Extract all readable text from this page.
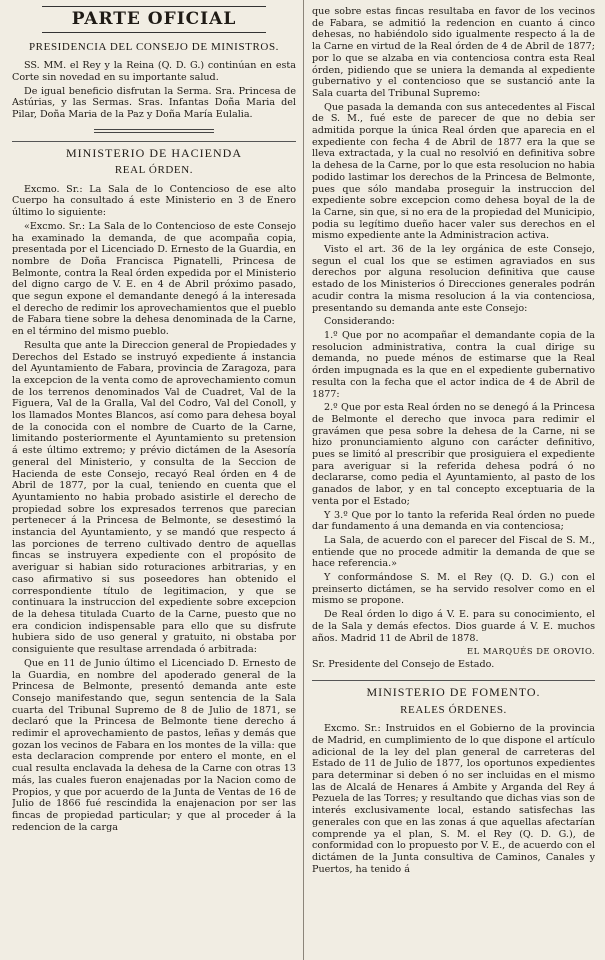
PARTE OFICIAL
PRESIDENCIA DEL CONSEJO DE MINISTROS.

SS. MM. el Rey y la Reina (Q. D. G.) continúan en esta Corte sin novedad en su importante salud.

De igual beneficio disfrutan la Serma. Sra. Princesa de Astúrias, y las Sermas. Sras. Infantas Doña Maria del Pilar, Doña Maria de la Paz y Doña María Eulalia.

MINISTERIO DE HACIENDA
REAL ÓRDEN.

Excmo. Sr.: La Sala de lo Contencioso de ese alto Cuerpo ha consultado á este Ministerio en 3 de Enero último lo siguiente:

«Excmo. Sr.: La Sala de lo Contencioso de este Consejo ha examinado la demanda, de que acompaña copia, presentada por el Licenciado D. Ernesto de la Guardia, en nombre de Doña Francisca Pignatelli, Princesa de Belmonte, contra la Real órden expedida por el Ministerio del digno cargo de V. E. en 4 de Abril próximo pasado, que segun expone el demandante denegó á la interesada el derecho de redimir los aprovechamientos que el pueblo de Fabara tiene sobre la dehesa denominada de la Carne, en el término del mismo pueblo.

Resulta que ante la Direccion general de Propiedades y Derechos del Estado se instruyó expediente á instancia del Ayuntamiento de Fabara, provincia de Zaragoza, para la excepcion de la venta como de aprovechamiento comun de los terrenos denominados Val de Cuadret, Val de la Figuera, Val de la Gralla, Val del Codro, Val del Conoll, y los llamados Montes Blancos, así como para dehesa boyal de la conocida con el nombre de Cuarto de la Carne, limitando posteriormente el Ayuntamiento su pretension á este último extremo; y prévio dictámen de la Asesoría general del Ministerio, y consulta de la Seccion de Hacienda de este Consejo, recayó Real órden en 4 de Abril de 1877, por la cual, teniendo en cuenta que el Ayuntamiento no habia probado asistirle el derecho de propiedad sobre los expresados terrenos que parecian pertenecer á la Princesa de Belmonte, se desestimó la instancia del Ayuntamiento, y se mandó que respecto á las porciones de terreno cultivado dentro de aquellas fincas se instruyera expediente con el propósito de averiguar si habian sido roturaciones arbitrarias, y en caso afirmativo si sus poseedores han obtenido el correspondiente título de legitimacion, y que se continuara la instruccion del expediente sobre excepcion de la dehesa titulada Cuarto de la Carne, puesto que no era condicion indispensable para ello que su disfrute hubiera sido de uso general y gratuito, ni obstaba por consiguiente que resultase arrendada ó arbitrada:

Que en 11 de Junio último el Licenciado D. Ernesto de la Guardia, en nombre del apoderado general de la Princesa de Belmonte, presentó demanda ante este Consejo manifestando que, segun sentencia de la Sala cuarta del Tribunal Supremo de 8 de Julio de 1871, se declaró que la Princesa de Belmonte tiene derecho á redimir el aprovechamiento de pastos, leñas y demás que gozan los vecinos de Fabara en los montes de la villa: que esta declaracion comprende por entero el monte, en el cual resulta enclavada la dehesa de la Carne con otras 13 más, las cuales fueron enajenadas por la Nacion como de Propios, y que por acuerdo de la Junta de Ventas de 16 de Julio de 1866 fué rescindida la enajenacion por ser las fincas de propiedad particular; y que al proceder á la redencion de la carga

que sobre estas fincas resultaba en favor de los vecinos de Fabara, se admitió la redencion en cuanto á cinco dehesas, no habiéndolo sido igualmente respecto á la de la Carne en virtud de la Real órden de 4 de Abril de 1877; por lo que se alzaba en via contenciosa contra esta Real órden, pidiendo que se uniera la demanda al expediente gubernativo y el contencioso que se sustanció ante la Sala cuarta del Tribunal Supremo:

Que pasada la demanda con sus antecedentes al Fiscal de S. M., fué este de parecer de que no debia ser admitida porque la única Real órden que aparecia en el expediente con fecha 4 de Abril de 1877 era la que se lleva extractada, y la cual no resolvió en definitiva sobre la dehesa de la Carne, por lo que esta resolucion no habia podido lastimar los derechos de la Princesa de Belmonte, pues que sólo mandaba proseguir la instruccion del expediente sobre excepcion como dehesa boyal de la de la Carne, sin que, si no era de la propiedad del Municipio, podia su legítimo dueño hacer valer sus derechos en el mismo expediente ante la Administracion activa.

Visto el art. 36 de la ley orgánica de este Consejo, segun el cual los que se estimen agraviados en sus derechos por alguna resolucion definitiva que cause estado de los Ministerios ó Direcciones generales podrán acudir contra la misma resolucion á la via contenciosa, presentando su demanda ante este Consejo:

Considerando:

1.º Que por no acompañar el demandante copia de la resolucion administrativa, contra la cual dirige su demanda, no puede ménos de estimarse que la Real órden impugnada es la que en el expediente gubernativo resulta con la fecha que el actor indica de 4 de Abril de 1877:

2.º Que por esta Real órden no se denegó á la Princesa de Belmonte el derecho que invoca para redimir el gravámen que pesa sobre la dehesa de la Carne, ni se hizo pronunciamiento alguno con carácter definitivo, pues se limitó al prescribir que prosiguiera el expediente para averiguar si la referida dehesa podrá ó no declararse, como pedia el Ayuntamiento, al pasto de los ganados de labor, y en tal concepto exceptuaria de la venta por el Estado;

Y 3.º Que por lo tanto la referida Real órden no puede dar fundamento á una demanda en via contenciosa;

La Sala, de acuerdo con el parecer del Fiscal de S. M., entiende que no procede admitir la demanda de que se hace referencia.»

Y conformándose S. M. el Rey (Q. D. G.) con el preinserto dictámen, se ha servido resolver como en el mismo se propone.

De Real órden lo digo á V. E. para su conocimiento, el de la Sala y demás efectos. Dios guarde á V. E. muchos años. Madrid 11 de Abril de 1878.

EL MARQUÉS DE OROVIO.

Sr. Presidente del Consejo de Estado.

MINISTERIO DE FOMENTO.
REALES ÓRDENES.

Excmo. Sr.: Instruidos en el Gobierno de la provincia de Madrid, en cumplimiento de lo que dispone el artículo adicional de la ley del plan general de carreteras del Estado de 11 de Julio de 1877, los oportunos expedientes para determinar si deben ó no ser incluidas en el mismo las de Alcalá de Henares á Ambite y Arganda del Rey á Pezuela de las Torres; y resultando que dichas vias son de interés exclusivamente local, estando satisfechas las generales con que en las zonas á que aquellas afectarían comprende ya el plan, S. M. el Rey (Q. D. G.), de conformidad con lo propuesto por V. E., de acuerdo con el dictámen de la Junta consultiva de Caminos, Canales y Puertos, ha tenido á
